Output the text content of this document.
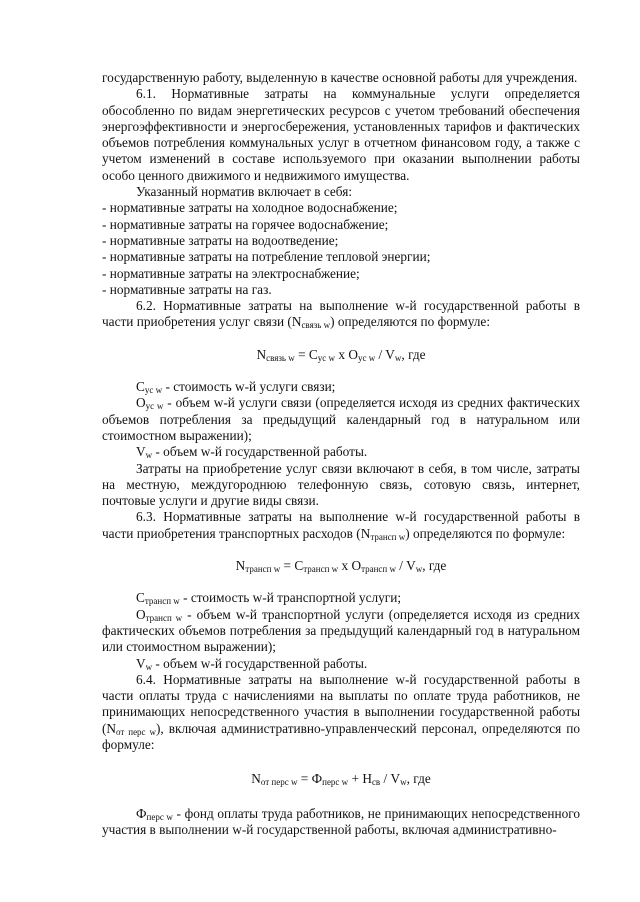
государственную работу, выделенную в качестве основной работы для учреждения.

6.1. Нормативные затраты на коммунальные услуги определяется обособленно по видам энергетических ресурсов с учетом требований обеспечения энергоэффективности и энергосбережения, установленных тарифов и фактических объемов потребления коммунальных услуг в отчетном финансовом году, а также с учетом изменений в составе используемого при оказании выполнении работы особо ценного движимого и недвижимого имущества.

Указанный норматив включает в себя:

- нормативные затраты на холодное водоснабжение;

- нормативные затраты на горячее водоснабжение;

- нормативные затраты на водоотведение;

- нормативные затраты на потребление тепловой энергии;

- нормативные затраты на электроснабжение;

- нормативные затраты на газ.

6.2. Нормативные затраты на выполнение w-й государственной работы в части приобретения услуг связи $(N_{связь w})$ определяются по формуле:

$N_{связь w} = C_{ус w}$ x $O_{ус w} / V_w$, где

$C_{ус w}$ - стоимость w-й услуги связи;

$O_{ус w}$ - объем w-й услуги связи (определяется исходя из средних фактических объемов потребления за предыдущий календарный год в натуральном или стоимостном выражении);

$V_w$ - объем w-й государственной работы.

Затраты на приобретение услуг связи включают в себя, в том числе, затраты на местную, междугороднюю телефонную связь, сотовую связь, интернет, почтовые услуги и другие виды связи.

6.3. Нормативные затраты на выполнение w-й государственной работы в части приобретения транспортных расходов $(N_{трансп w})$ определяются по формуле:

$N_{трансп w} = C_{трансп w}$ x $O_{трансп w} / V_w$, где

$C_{трансп w}$ - стоимость w-й транспортной услуги;

$O_{трансп w}$ - объем w-й транспортной услуги (определяется исходя из средних фактических объемов потребления за предыдущий календарный год в натуральном или стоимостном выражении);

$V_w$ - объем w-й государственной работы.

6.4. Нормативные затраты на выполнение w-й государственной работы в части оплаты труда с начислениями на выплаты по оплате труда работников, не принимающих непосредственного участия в выполнении государственной работы $(N_{от перс w})$, включая административно-управленческий персонал, определяются по формуле:

$N_{от перс w} = Ф_{перс w} + Н_{св} / V_w$, где

$Ф_{перс w}$ - фонд оплаты труда работников, не принимающих непосредственного участия в выполнении w-й государственной работы, включая административно-
